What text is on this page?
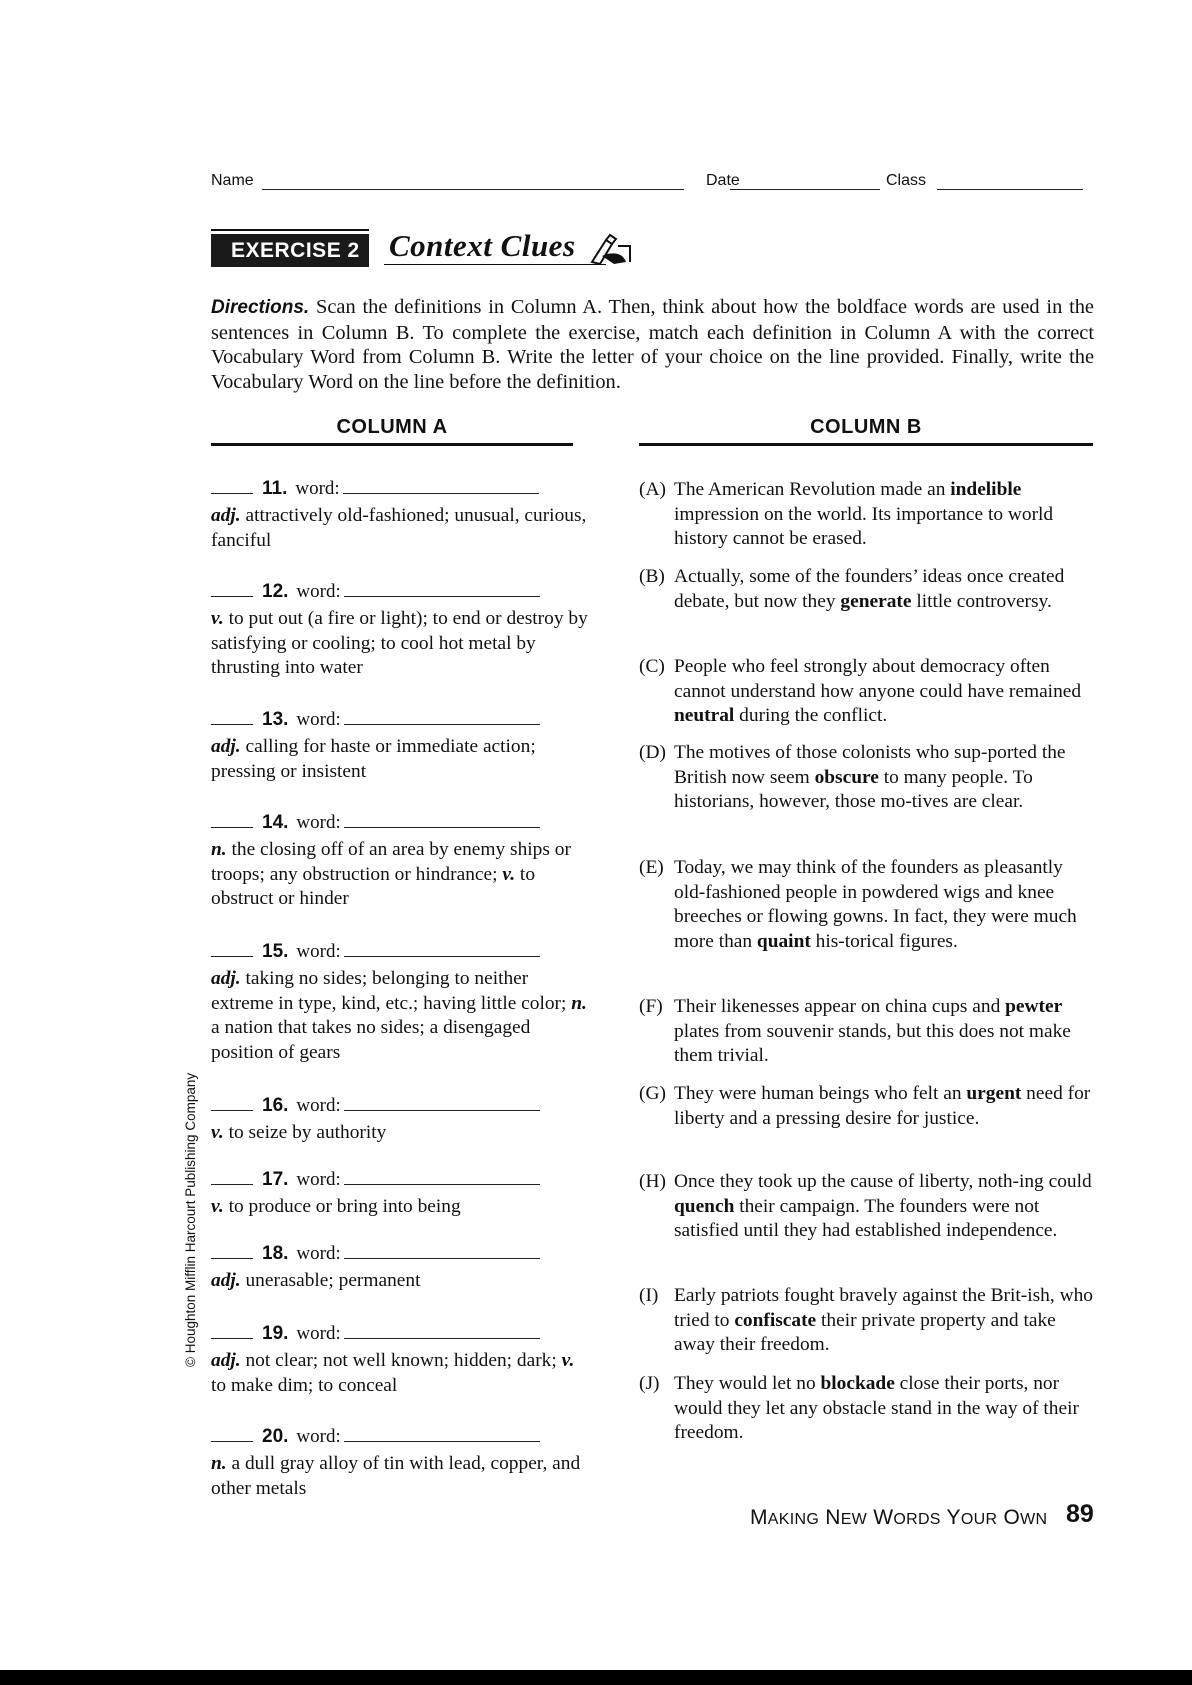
Name	Date	Class
EXERCISE 2 Context Clues
Directions. Scan the definitions in Column A. Then, think about how the boldface words are used in the sentences in Column B. To complete the exercise, match each definition in Column A with the correct Vocabulary Word from Column B. Write the letter of your choice on the line provided. Finally, write the Vocabulary Word on the line before the definition.
COLUMN A	COLUMN B
11. word:
adj. attractively old-fashioned; unusual, curious, fanciful
12. word:
v. to put out (a fire or light); to end or destroy by satisfying or cooling; to cool hot metal by thrusting into water
13. word:
adj. calling for haste or immediate action; pressing or insistent
14. word:
n. the closing off of an area by enemy ships or troops; any obstruction or hindrance; v. to obstruct or hinder
15. word:
adj. taking no sides; belonging to neither extreme in type, kind, etc.; having little color; n. a nation that takes no sides; a disengaged position of gears
16. word:
v. to seize by authority
17. word:
v. to produce or bring into being
18. word:
adj. unerasable; permanent
19. word:
adj. not clear; not well known; hidden; dark; v. to make dim; to conceal
20. word:
n. a dull gray alloy of tin with lead, copper, and other metals
(A) The American Revolution made an indelible impression on the world. Its importance to world history cannot be erased.
(B) Actually, some of the founders’ ideas once created debate, but now they generate little controversy.
(C) People who feel strongly about democracy often cannot understand how anyone could have remained neutral during the conflict.
(D) The motives of those colonists who sup-ported the British now seem obscure to many people. To historians, however, those mo-tives are clear.
(E) Today, we may think of the founders as pleasantly old-fashioned people in powdered wigs and knee breeches or flowing gowns. In fact, they were much more than quaint his-torical figures.
(F) Their likenesses appear on china cups and pewter plates from souvenir stands, but this does not make them trivial.
(G) They were human beings who felt an urgent need for liberty and a pressing desire for justice.
(H) Once they took up the cause of liberty, noth-ing could quench their campaign. The founders were not satisfied until they had established independence.
(I) Early patriots fought bravely against the Brit-ish, who tried to confiscate their private property and take away their freedom.
(J) They would let no blockade close their ports, nor would they let any obstacle stand in the way of their freedom.
MAKING NEW WORDS YOUR OWN 89
© Houghton Mifflin Harcourt Publishing Company
